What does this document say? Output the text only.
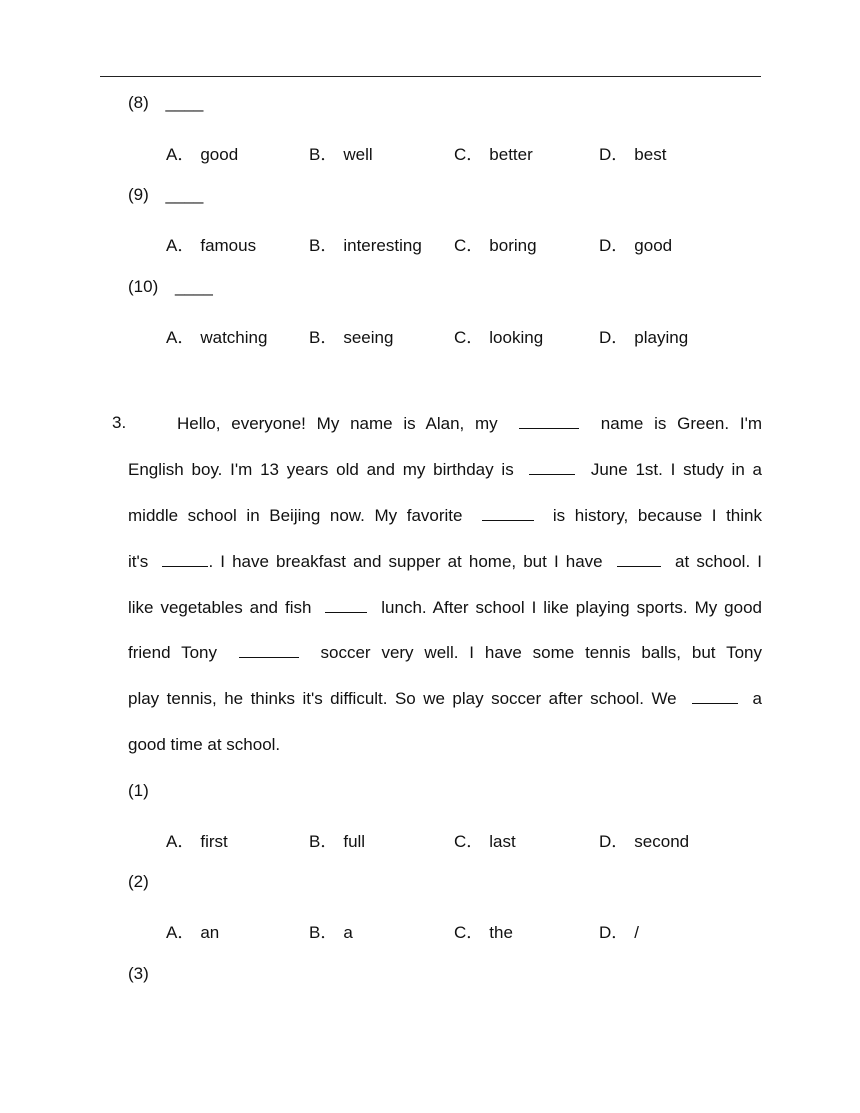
(8) ____
A． good	B． well	C． better	D． best
(9) ____
A． famous	B． interesting C． boring	D． good
(10) ____
A． watching B． seeing	C． looking	D． playing
3.	Hello, everyone! My name is Alan, my	name is Green. I'm
English boy. I'm 13 years old and my birthday is	June 1st. I study in a
middle school in Beijing now. My favorite	is history, because I think
it's	. I have breakfast and supper at home, but I have	at school. I
like vegetables and fish	lunch. After school I like playing sports. My good
friend Tony	soccer very well. I have some tennis balls, but Tony
play tennis, he thinks it's difficult. So we play soccer after school. We	a
good time at school.
(1)
A． first	B． full	C． last	D． second
(2)
A． an	B． a	C． the	D． /
(3)
